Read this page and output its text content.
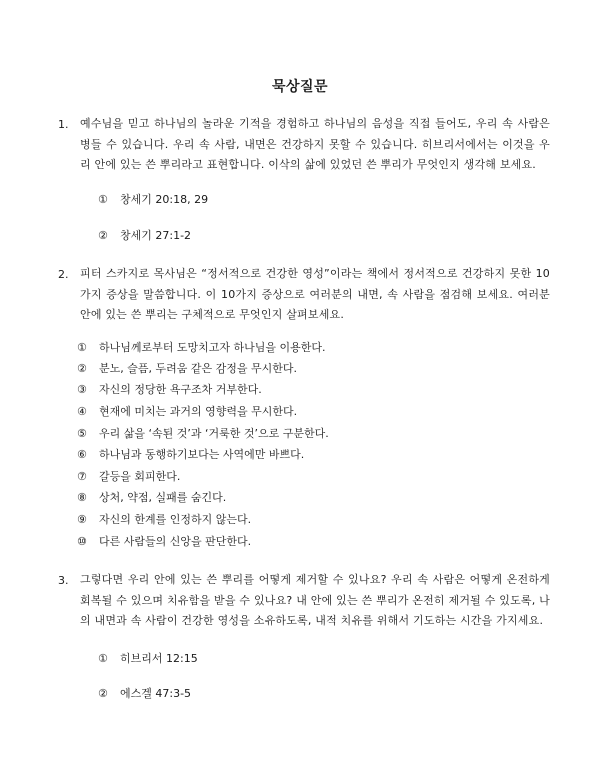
묵상질문
1. 예수님을 믿고 하나님의 놀라운 기적을 경험하고 하나님의 음성을 직접 들어도, 우리 속 사람은 병들 수 있습니다. 우리 속 사람, 내면은 건강하지 못할 수 있습니다. 히브리서에서는 이것을 우리 안에 있는 쓴 뿌리라고 표현합니다. 이삭의 삶에 있었던 쓴 뿌리가 무엇인지 생각해 보세요.
① 창세기 20:18, 29
② 창세기 27:1-2
2. 피터 스카지로 목사님은 “정서적으로 건강한 영성”이라는 책에서 정서적으로 건강하지 못한 10가지 증상을 말씀합니다. 이 10가지 증상으로 여러분의 내면, 속 사람을 점검해 보세요. 여러분 안에 있는 쓴 뿌리는 구체적으로 무엇인지 살펴보세요.
① 하나님께로부터 도망치고자 하나님을 이용한다.
② 분노, 슬픔, 두려움 같은 감정을 무시한다.
③ 자신의 정당한 욕구조차 거부한다.
④ 현재에 미치는 과거의 영향력을 무시한다.
⑤ 우리 삶을 ‘속된 것’과 ‘거룩한 것’으로 구분한다.
⑥ 하나님과 동행하기보다는 사역에만 바쁘다.
⑦ 갈등을 회피한다.
⑧ 상처, 약점, 실패를 숨긴다.
⑨ 자신의 한계를 인정하지 않는다.
⑩ 다른 사람들의 신앙을 판단한다.
3. 그렇다면 우리 안에 있는 쓴 뿌리를 어떻게 제거할 수 있나요? 우리 속 사람은 어떻게 온전하게 회복될 수 있으며 치유함을 받을 수 있나요? 내 안에 있는 쓴 뿌리가 온전히 제거될 수 있도록, 나의 내면과 속 사람이 건강한 영성을 소유하도록, 내적 치유를 위해서 기도하는 시간을 가지세요.
① 히브리서 12:15
② 에스겔 47:3-5
